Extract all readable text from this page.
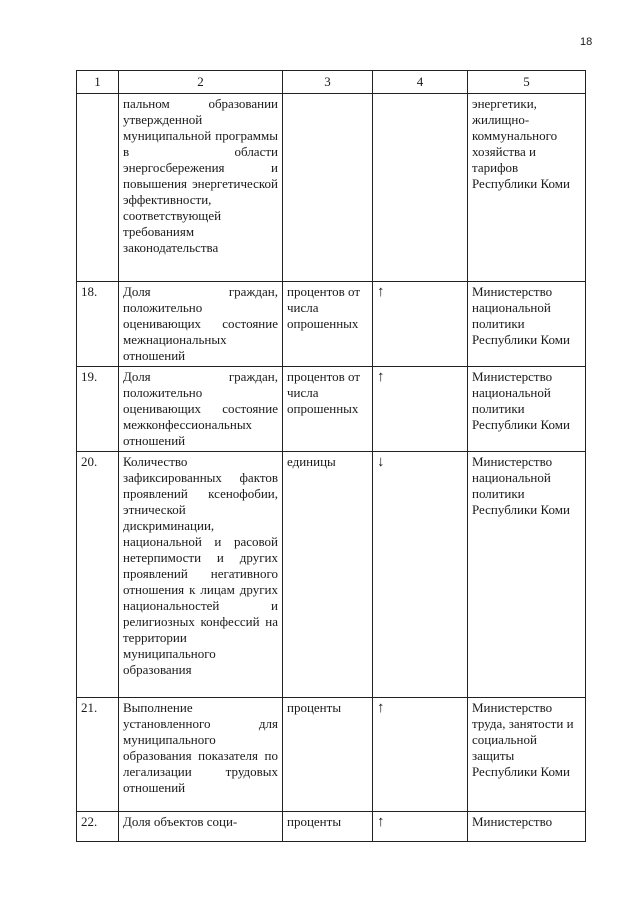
18
1	2	3	4	5
	пальном образовании утвержденной муниципальной программы в области энергосбережения и повышения энергетической эффективности, соответствующей требованиям законодательства			энергетики, жилищно-коммунального хозяйства и тарифов Республики Коми
18.	Доля граждан, положительно оценивающих состояние межнациональных отношений	процентов от числа опрошенных	↑	Министерство национальной политики Республики Коми
19.	Доля граждан, положительно оценивающих состояние межконфессиональных отношений	процентов от числа опрошенных	↑	Министерство национальной политики Республики Коми
20.	Количество зафиксированных фактов проявлений ксенофобии, этнической дискриминации, национальной и расовой нетерпимости и других проявлений негативного отношения к лицам других национальностей и религиозных конфессий на территории муниципального образования	единицы	↓	Министерство национальной политики Республики Коми
21.	Выполнение установленного для муниципального образования показателя по легализации трудовых отношений	проценты	↑	Министерство труда, занятости и социальной защиты Республики Коми
22.	Доля объектов соци-	проценты	↑	Министерство
